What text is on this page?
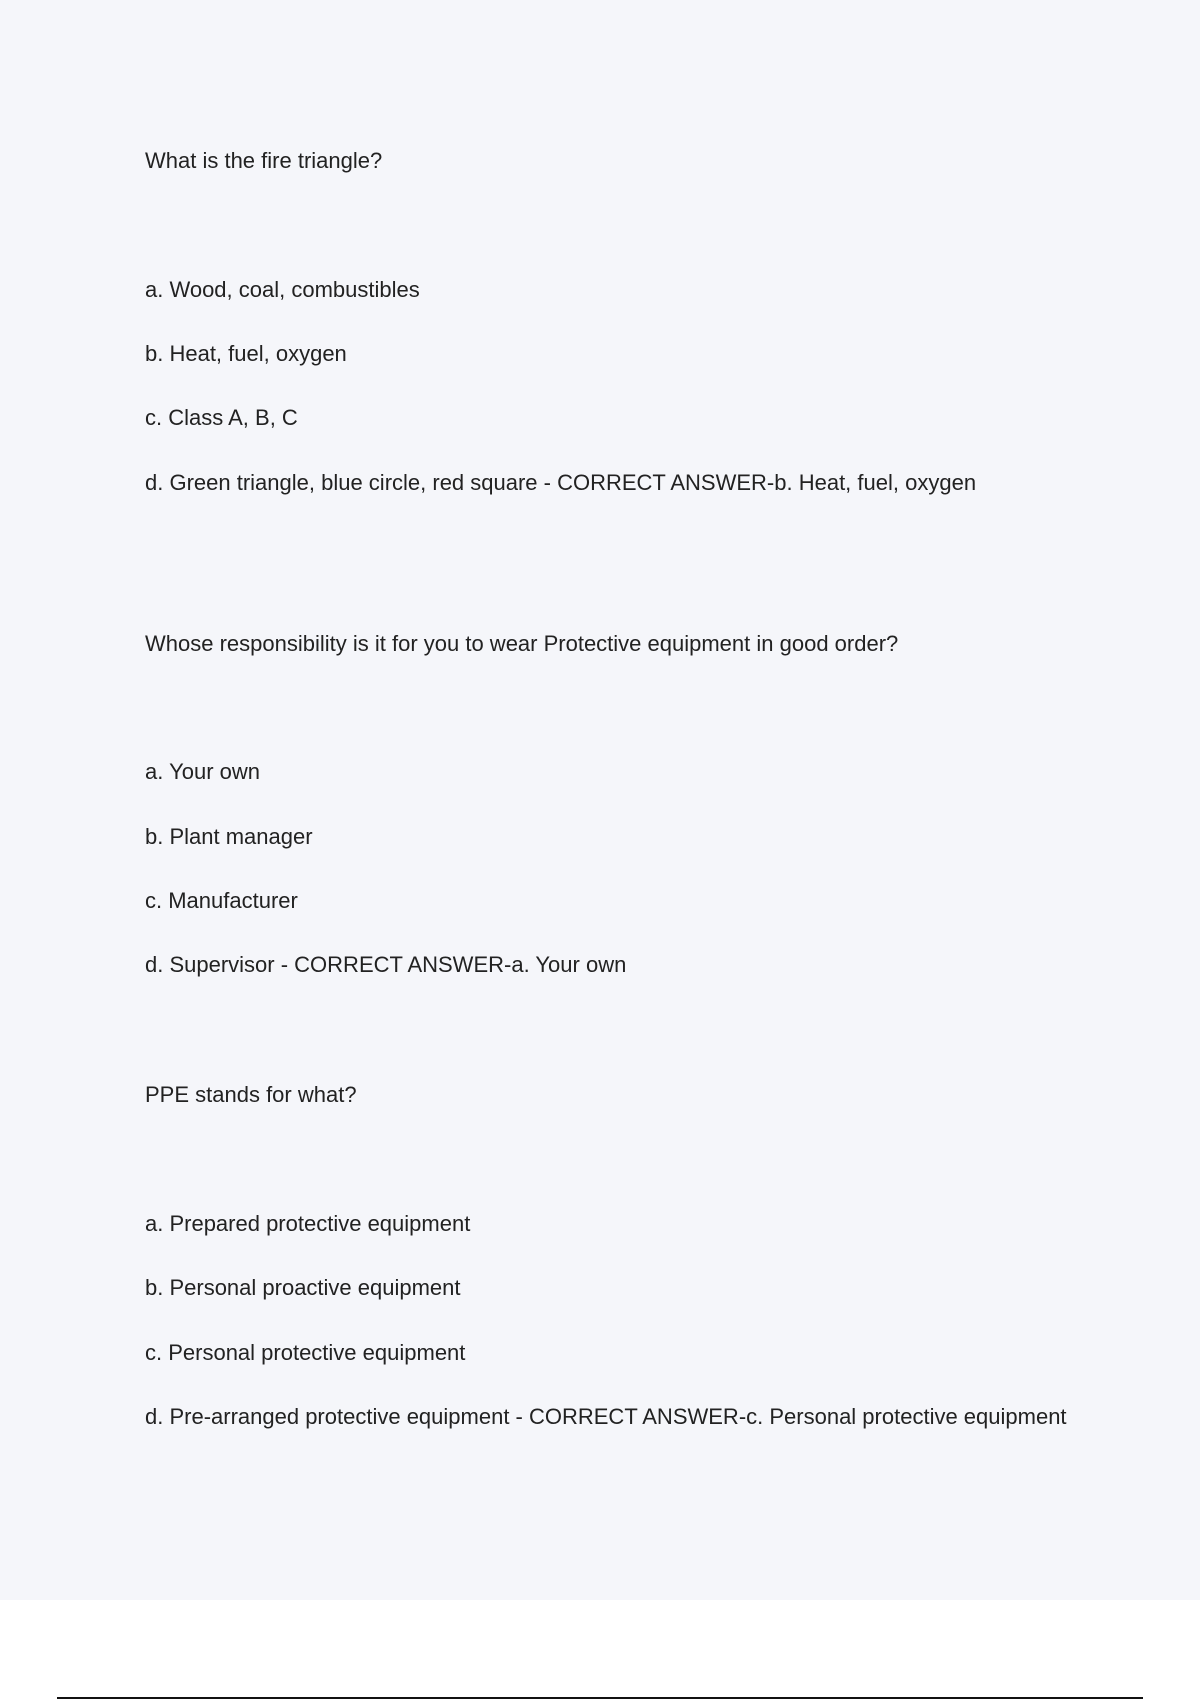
What is the fire triangle?

a. Wood, coal, combustibles

b. Heat, fuel, oxygen

c. Class A, B, C

d. Green triangle, blue circle, red square - CORRECT ANSWER-b. Heat, fuel, oxygen

Whose responsibility is it for you to wear Protective equipment in good order?

a. Your own

b. Plant manager

c. Manufacturer

d. Supervisor - CORRECT ANSWER-a. Your own

PPE stands for what?

a. Prepared protective equipment

b. Personal proactive equipment

c. Personal protective equipment

d. Pre-arranged protective equipment - CORRECT ANSWER-c. Personal protective equipment
